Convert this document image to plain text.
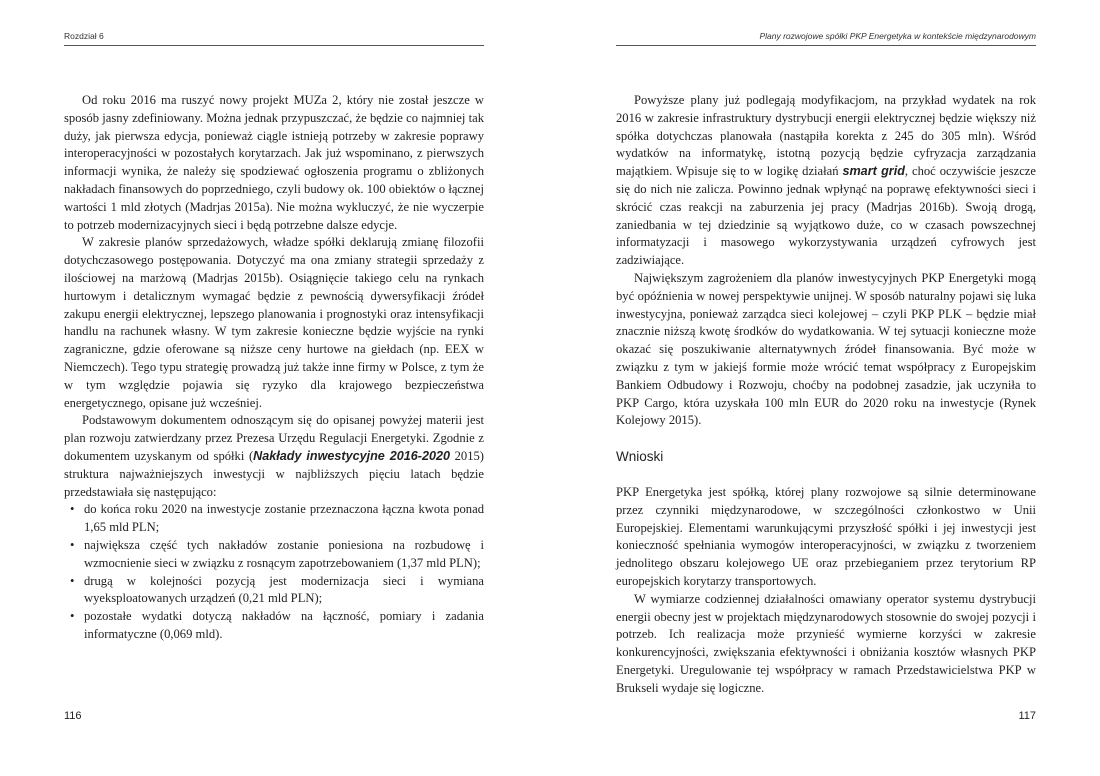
Rozdział 6

Od roku 2016 ma ruszyć nowy projekt MUZa 2, który nie został jeszcze w sposób jasny zdefiniowany. Można jednak przypuszczać, że będzie co najmniej tak duży, jak pierwsza edycja, ponieważ ciągle istnieją potrzeby w zakresie poprawy interoperacyjności w pozostałych korytarzach. Jak już wspominano, z pierwszych informacji wynika, że należy się spodziewać ogłoszenia programu o zbliżonych nakładach finansowych do poprzedniego, czyli budowy ok. 100 obiektów o łącznej wartości 1 mld złotych (Madrjas 2015a). Nie można wykluczyć, że nie wyczerpie to potrzeb modernizacyjnych sieci i będą potrzebne dalsze edycje.

W zakresie planów sprzedażowych, władze spółki deklarują zmianę filozofii dotychczasowego postępowania. Dotyczyć ma ona zmiany strategii sprzedaży z ilościowej na marżową (Madrjas 2015b). Osiągnięcie takiego celu na rynkach hurtowym i detalicznym wymagać będzie z pewnością dywersyfikacji źródeł zakupu energii elektrycznej, lepszego planowania i prognostyki oraz intensyfikacji handlu na rachunek własny. W tym zakresie konieczne będzie wyjście na rynki zagraniczne, gdzie oferowane są niższe ceny hurtowe na giełdach (np. EEX w Niemczech). Tego typu strategię prowadzą już także inne firmy w Polsce, z tym że w tym względzie pojawia się ryzyko dla krajowego bezpieczeństwa energetycznego, opisane już wcześniej.

Podstawowym dokumentem odnoszącym się do opisanej powyżej materii jest plan rozwoju zatwierdzany przez Prezesa Urzędu Regulacji Energetyki. Zgodnie z dokumentem uzyskanym od spółki (Nakłady inwestycyjne 2016-2020 2015) struktura najważniejszych inwestycji w najbliższych pięciu latach będzie przedstawiała się następująco:

• do końca roku 2020 na inwestycje zostanie przeznaczona łączna kwota ponad 1,65 mld PLN;
• największa część tych nakładów zostanie poniesiona na rozbudowę i wzmocnienie sieci w związku z rosnącym zapotrzebowaniem (1,37 mld PLN);
• drugą w kolejności pozycją jest modernizacja sieci i wymiana wyeksploatowanych urządzeń (0,21 mld PLN);
• pozostałe wydatki dotyczą nakładów na łączność, pomiary i zadania informatyczne (0,069 mld).
116
Plany rozwojowe spółki PKP Energetyka w kontekście międzynarodowym

Powyższe plany już podlegają modyfikacjom, na przykład wydatek na rok 2016 w zakresie infrastruktury dystrybucji energii elektrycznej będzie większy niż spółka dotychczas planowała (nastąpiła korekta z 245 do 305 mln). Wśród wydatków na informatykę, istotną pozycją będzie cyfryzacja zarządzania majątkiem. Wpisuje się to w logikę działań smart grid, choć oczywiście jeszcze się do nich nie zalicza. Powinno jednak wpłynąć na poprawę efektywności sieci i skrócić czas reakcji na zaburzenia jej pracy (Madrjas 2016b). Swoją drogą, zaniedbania w tej dziedzinie są wyjątkowo duże, co w czasach powszechnej informatyzacji i masowego wykorzystywania urządzeń cyfrowych jest zadziwiające.

Największym zagrożeniem dla planów inwestycyjnych PKP Energetyki mogą być opóźnienia w nowej perspektywie unijnej. W sposób naturalny pojawi się luka inwestycyjna, ponieważ zarządca sieci kolejowej – czyli PKP PLK – będzie miał znacznie niższą kwotę środków do wydatkowania. W tej sytuacji konieczne może okazać się poszukiwanie alternatywnych źródeł finansowania. Być może w związku z tym w jakiejś formie może wrócić temat współpracy z Europejskim Bankiem Odbudowy i Rozwoju, choćby na podobnej zasadzie, jak uczyniła to PKP Cargo, która uzyskała 100 mln EUR do 2020 roku na inwestycje (Rynek Kolejowy 2015).

Wnioski

PKP Energetyka jest spółką, której plany rozwojowe są silnie determinowane przez czynniki międzynarodowe, w szczególności członkostwo w Unii Europejskiej. Elementami warunkującymi przyszłość spółki i jej inwestycji jest konieczność spełniania wymogów interoperacyjności, w związku z tworzeniem jednolitego obszaru kolejowego UE oraz przebieganiem przez terytorium RP europejskich korytarzy transportowych.

W wymiarze codziennej działalności omawiany operator systemu dystrybucji energii obecny jest w projektach międzynarodowych stosownie do swojej pozycji i potrzeb. Ich realizacja może przynieść wymierne korzyści w zakresie konkurencyjności, zwiększania efektywności i obniżania kosztów własnych PKP Energetyki. Uregulowanie tej współpracy w ramach Przedstawicielstwa PKP w Brukseli wydaje się logiczne.

117
